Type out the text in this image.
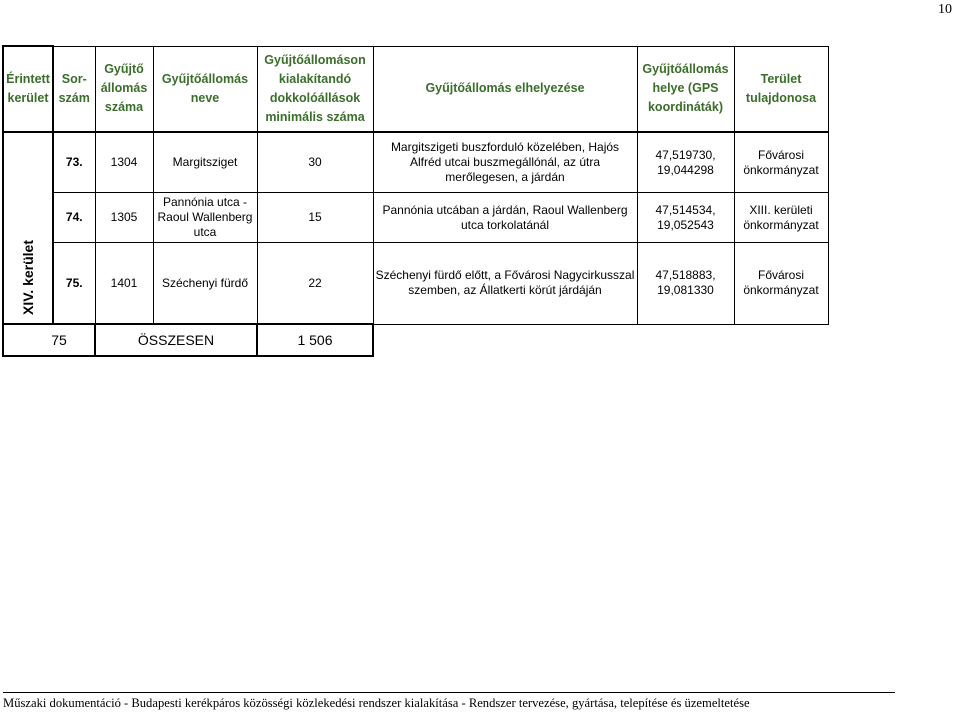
10
Érintett kerület	Sor-szám	Gyűjtő állomás száma	Gyűjtőállomás neve	Gyűjtőállomáson kialakítandó dokkolóállások minimális száma	Gyűjtőállomás elhelyezése	Gyűjtőállomás helye (GPS koordináták)	Terület tulajdonosa
XIV. kerület	73.	1304	Margitsziget	30	Margitszigeti buszforduló közelében, Hajós Alfréd utcai buszmegállónál, az útra merőlegesen, a járdán	47,519730, 19,044298	Fővárosi önkormányzat
	74.	1305	Pannónia utca - Raoul Wallenberg utca	15	Pannónia utcában a járdán, Raoul Wallenberg utca torkolatánál	47,514534, 19,052543	XIII. kerületi önkormányzat
	75.	1401	Széchenyi fürdő	22	Széchenyi fürdő előtt, a Fővárosi Nagycirkusszal szemben, az Állatkerti körút járdáján	47,518883, 19,081330	Fővárosi önkormányzat
75		ÖSSZESEN		1 506			
Műszaki dokumentáció - Budapesti kerékpáros közösségi közlekedési rendszer kialakítása - Rendszer tervezése, gyártása, telepítése és üzemeltetése
